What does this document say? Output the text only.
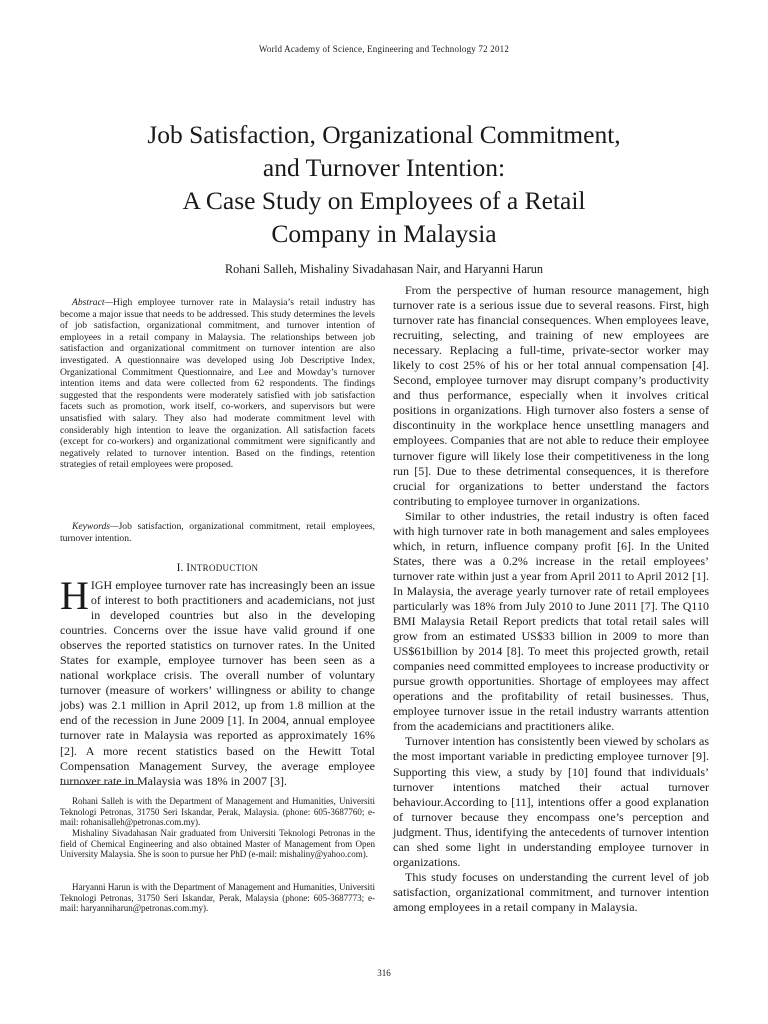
World Academy of Science, Engineering and Technology 72 2012
Job Satisfaction, Organizational Commitment,
and Turnover Intention:
A Case Study on Employees of a Retail
Company in Malaysia
Rohani Salleh, Mishaliny Sivadahasan Nair, and Haryanni Harun

Abstract—High employee turnover rate in Malaysia’s retail industry has become a major issue that needs to be addressed. This study determines the levels of job satisfaction, organizational commitment, and turnover intention of employees in a retail company in Malaysia. The relationships between job satisfaction and organizational commitment on turnover intention are also investigated. A questionnaire was developed using Job Descriptive Index, Organizational Commitment Questionnaire, and Lee and Mowday’s turnover intention items and data were collected from 62 respondents. The findings suggested that the respondents were moderately satisfied with job satisfaction facets such as promotion, work itself, co-workers, and supervisors but were unsatisfied with salary. They also had moderate commitment level with considerably high intention to leave the organization. All satisfaction facets (except for co-workers) and organizational commitment were significantly and negatively related to turnover intention. Based on the findings, retention strategies of retail employees were proposed.

Keywords—Job satisfaction, organizational commitment, retail employees, turnover intention.

I. INTRODUCTION

HIGH employee turnover rate has increasingly been an issue of interest to both practitioners and academicians, not just in developed countries but also in the developing countries. Concerns over the issue have valid ground if one observes the reported statistics on turnover rates. In the United States for example, employee turnover has been seen as a national workplace crisis. The overall number of voluntary turnover (measure of workers’ willingness or ability to change jobs) was 2.1 million in April 2012, up from 1.8 million at the end of the recession in June 2009 [1]. In 2004, annual employee turnover rate in Malaysia was reported as approximately 16% [2]. A more recent statistics based on the Hewitt Total Compensation Management Survey, the average employee turnover rate in Malaysia was 18% in 2007 [3].

Rohani Salleh is with the Department of Management and Humanities, Universiti Teknologi Petronas, 31750 Seri Iskandar, Perak, Malaysia. (phone: 605-3687760; e-mail: rohanisalleh@petronas.com.my).

Mishaliny Sivadahasan Nair graduated from Universiti Teknologi Petronas in the field of Chemical Engineering and also obtained Master of Management from Open University Malaysia. She is soon to pursue her PhD (e-mail: mishaliny@yahoo.com).

Haryanni Harun is with the Department of Management and Humanities, Universiti Teknologi Petronas, 31750 Seri Iskandar, Perak, Malaysia (phone: 605-3687773; e-mail: haryanniharun@petronas.com.my).

From the perspective of human resource management, high turnover rate is a serious issue due to several reasons. First, high turnover rate has financial consequences. When employees leave, recruiting, selecting, and training of new employees are necessary. Replacing a full-time, private-sector worker may likely to cost 25% of his or her total annual compensation [4]. Second, employee turnover may disrupt company’s productivity and thus performance, especially when it involves critical positions in organizations. High turnover also fosters a sense of discontinuity in the workplace hence unsettling managers and employees. Companies that are not able to reduce their employee turnover figure will likely lose their competitiveness in the long run [5]. Due to these detrimental consequences, it is therefore crucial for organizations to better understand the factors contributing to employee turnover in organizations.

Similar to other industries, the retail industry is often faced with high turnover rate in both management and sales employees which, in return, influence company profit [6]. In the United States, there was a 0.2% increase in the retail employees’ turnover rate within just a year from April 2011 to April 2012 [1]. In Malaysia, the average yearly turnover rate of retail employees particularly was 18% from July 2010 to June 2011 [7]. The Q110 BMI Malaysia Retail Report predicts that total retail sales will grow from an estimated US$33 billion in 2009 to more than US$61billion by 2014 [8]. To meet this projected growth, retail companies need committed employees to increase productivity or pursue growth opportunities. Shortage of employees may affect operations and the profitability of retail businesses. Thus, employee turnover issue in the retail industry warrants attention from the academicians and practitioners alike.

Turnover intention has consistently been viewed by scholars as the most important variable in predicting employee turnover [9]. Supporting this view, a study by [10] found that individuals’ turnover intentions matched their actual turnover behaviour.According to [11], intentions offer a good explanation of turnover because they encompass one’s perception and judgment. Thus, identifying the antecedents of turnover intention can shed some light in understanding employee turnover in organizations.

This study focuses on understanding the current level of job satisfaction, organizational commitment, and turnover intention among employees in a retail company in Malaysia.

316
